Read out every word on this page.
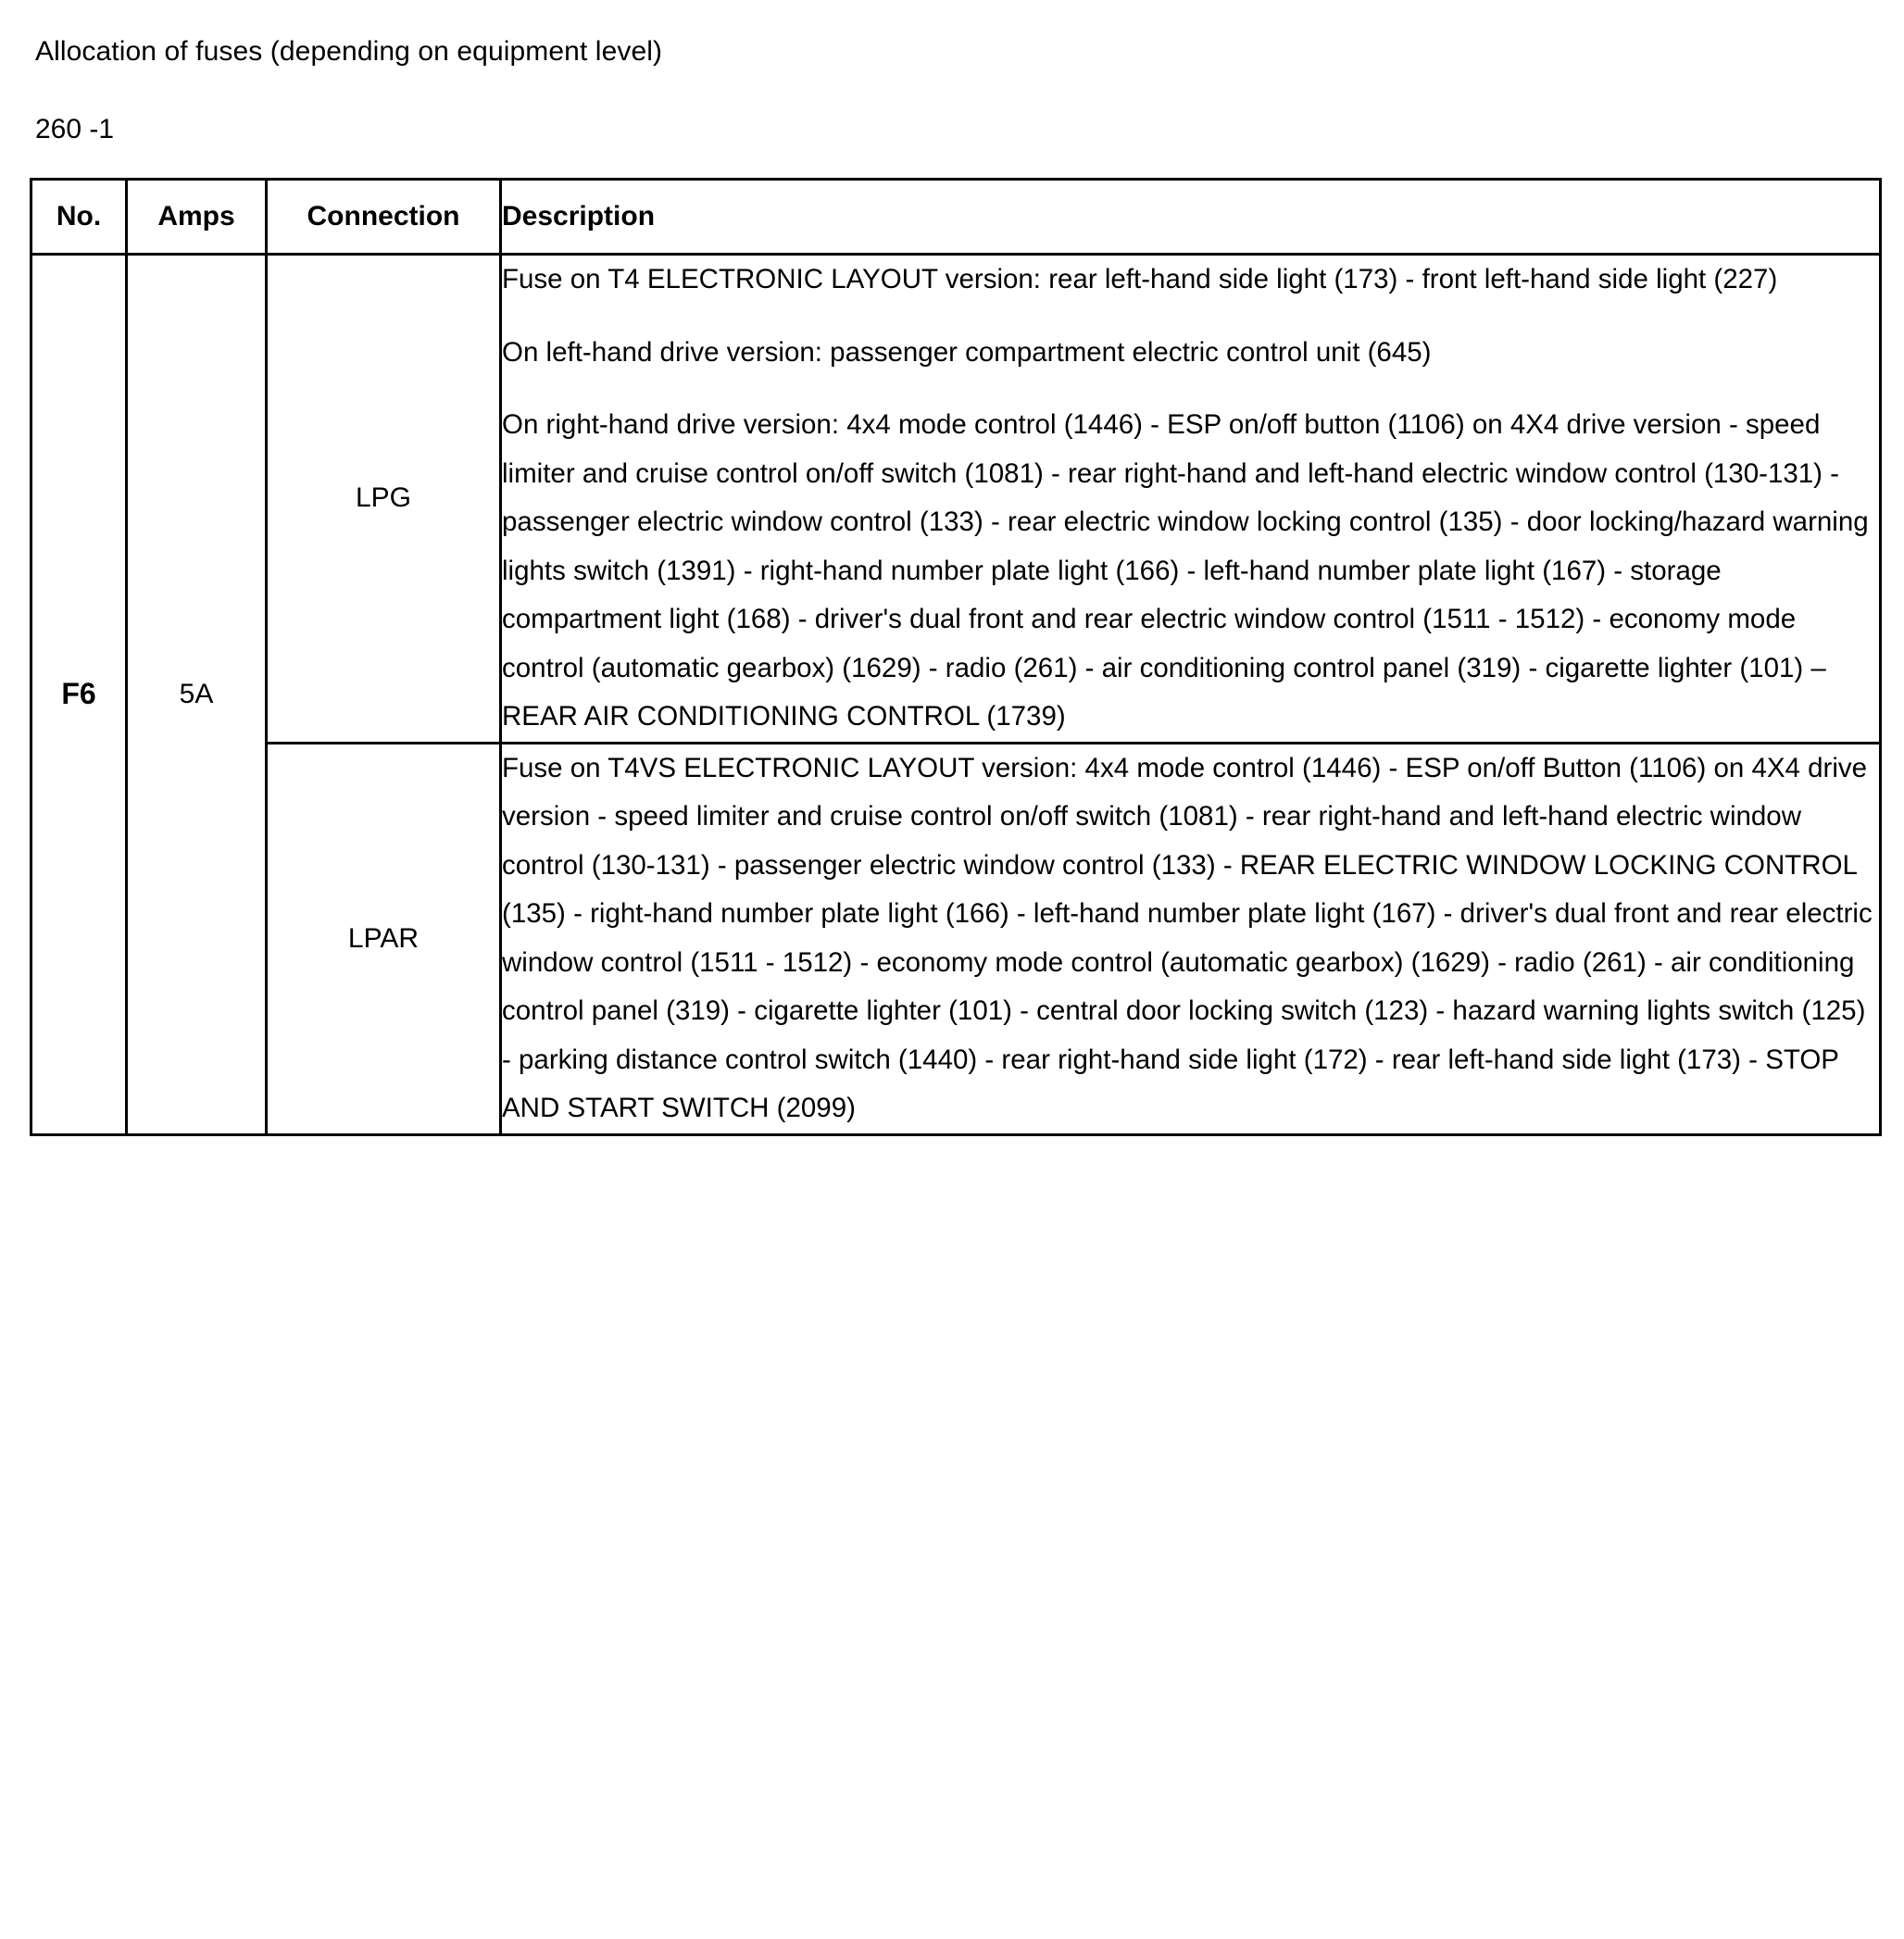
Allocation of fuses (depending on equipment level)
260 -1
No.	Amps	Connection	Description
F6	5A	LPG	Fuse on T4 ELECTRONIC LAYOUT version: rear left-hand side light (173) - front left-hand side light (227)

On left-hand drive version: passenger compartment electric control unit (645)

On right-hand drive version: 4x4 mode control (1446) - ESP on/off button (1106) on 4X4 drive version - speed limiter and cruise control on/off switch (1081) - rear right-hand and left-hand electric window control (130-131) - passenger electric window control (133) - rear electric window locking control (135) - door locking/hazard warning lights switch (1391) - right-hand number plate light (166) - left-hand number plate light (167) - storage compartment light (168) - driver's dual front and rear electric window control (1511 - 1512) - economy mode control (automatic gearbox) (1629) - radio (261) - air conditioning control panel (319) - cigarette lighter (101) – REAR AIR CONDITIONING CONTROL (1739)

		LPAR	Fuse on T4VS ELECTRONIC LAYOUT version: 4x4 mode control (1446) - ESP on/off Button (1106) on 4X4 drive version - speed limiter and cruise control on/off switch (1081) - rear right-hand and left-hand electric window control (130-131) - passenger electric window control (133) - REAR ELECTRIC WINDOW LOCKING CONTROL (135) - right-hand number plate light (166) - left-hand number plate light (167) - driver's dual front and rear electric window control (1511 - 1512) - economy mode control (automatic gearbox) (1629) - radio (261) - air conditioning control panel (319) - cigarette lighter (101) - central door locking switch (123) - hazard warning lights switch (125) - parking distance control switch (1440) - rear right-hand side light (172) - rear left-hand side light (173) - STOP AND START SWITCH (2099)
